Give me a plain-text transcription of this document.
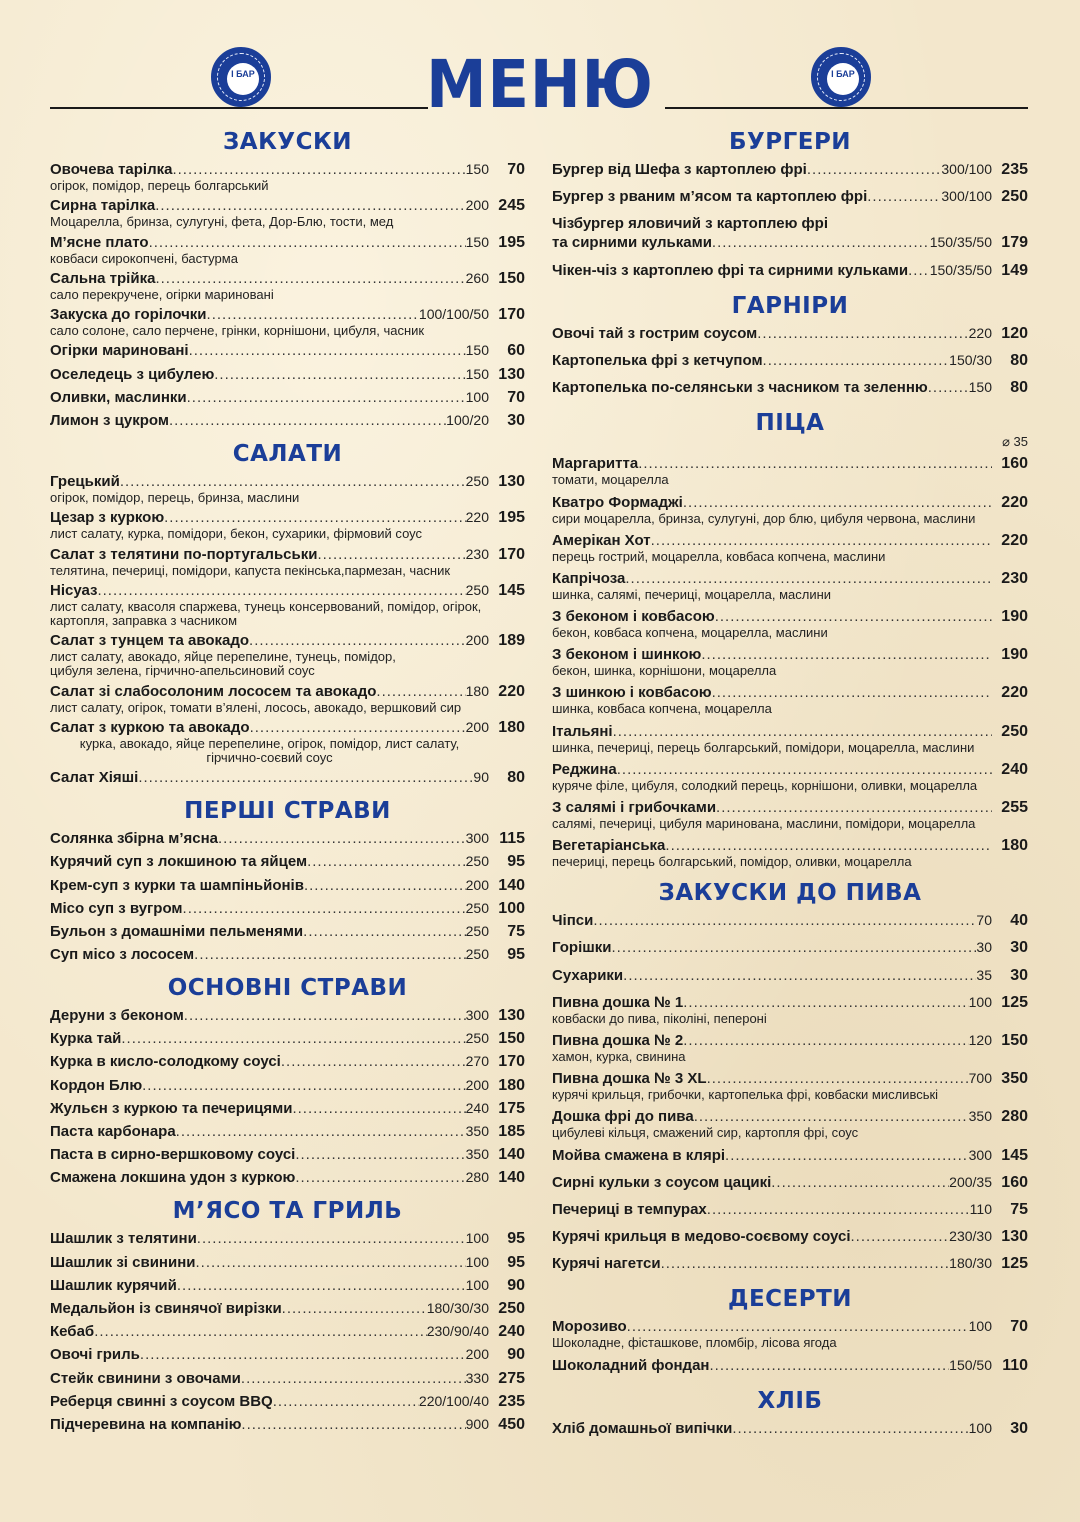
І БАР	І БАР
МЕНЮ
ЗАКУСКИ
Овочева тарілка .....	150	70
огірок, помідор, перець болгарський
Сирна тарілка .....	200 245
Моцарелла, бринза, сулугуні, фета, Дор-Блю, тости, мед
М’ясне плато .....	150 195
ковбаси сирокопчені, бастурма
Сальна трійка .....	260 150
сало перекручене, огірки мариновані
Закуска до горілочки .....	100/100/50 170
сало солоне, сало перчене, грінки, корнішони, цибуля, часник
Огірки мариновані .....	150	60
Оселедець з цибулею .....	150 130
Оливки, маслинки .....	100	70
Лимон з цукром .....	100/20	30
САЛАТИ
Грецький .....	250 130
огірок, помідор, перець, бринза, маслини
Цезар з куркою .....	220 195
лист салату, курка, помідори, бекон, сухарики, фірмовий соус
Салат з телятини по-португальськи .....	230 170
телятина, печериці, помідори, капуста пекінська,пармезан, часник
Нісуаз .....	250 145
лист салату, квасоля спаржева, тунець консервований, помідор, огірок,
картопля, заправка з часником
Салат з тунцем та авокадо .....	200 189
лист салату, авокадо, яйце перепелине, тунець, помідор,
цибуля зелена, гірчично-апельсиновий соус
Салат зі слабосолоним лососем та авокадо .....	180 220
лист салату, огірок, томати в’яленi, лосось, авокадо, вершковий сир
Салат з куркою та авокадо .....	200 180
курка, авокадо, яйце перепелине, огірок, помідор, лист салату,
гірчично-соєвий соус
Салат Хіяші .....	90	80
ПЕРШІ СТРАВИ
Солянка збірна м’ясна .....	300 115
Курячий суп з локшиною та яйцем .....	250	95
Крем-суп з курки та шампіньйонів .....	200 140
Місо суп з вугром .....	250 100
Бульон з домашніми пельменями .....	250	75
Суп місо з лососем .....	250	95
ОСНОВНІ СТРАВИ
Деруни з беконом .....	300 130
Курка тай .....	250 150
Курка в кисло-солодкому соусі .....	270 170
Кордон Блю .....	200 180
Жульєн з куркою та печерицями .....	240 175
Паста карбонара .....	350 185
Паста в сирно-вершковому соусі .....	350 140
Смажена локшина удон з куркою .....	280 140
М’ЯСО ТА ГРИЛЬ
Шашлик з телятини .....	100	95
Шашлик зі свинини .....	100	95
Шашлик курячий .....	100	90
Медальйон із свинячої вирізки .....	180/30/30 250
Кебаб .....	230/90/40 240
Овочі гриль .....	200	90
Стейк свинини з овочами .....	330 275
Реберця свинні з соусом BBQ .....	220/100/40 235
Підчеревина на компанію .....	900 450
БУРГЕРИ
Бургер від Шефа з картоплею фрі .....	300/100 235
Бургер з рваним м’ясом та картоплею фрі .....	300/100 250
Чізбургер яловичий з картоплею фрі
та сирними кульками .....	150/35/50 179
Чікен-чіз з картоплею фрі та сирними кульками ..... 150/35/50 149
ГАРНІРИ
Овочі тай з гострим соусом .....	220 120
Картопелька фрі з кетчупом .....	150/30	80
Картопелька по-селянськи з часником та зеленню .....	150	80
ПІЦА
⌀ 35
Маргаритта .....	160
томати, моцарелла
Кватро Формаджі .....	220
сири моцарелла, бринза, сулугуні, дор блю, цибуля червона, маслини
Амерікан Хот .....	220
перець гострий, моцарелла, ковбаса копчена, маслини
Капрічоза .....	230
шинка, салямі, печериці, моцарелла, маслини
З беконом і ковбасою .....	190
бекон, ковбаса копчена, моцарелла, маслини
З беконом і шинкою .....	190
бекон, шинка, корнішони, моцарелла
З шинкою і ковбасою .....	220
шинка, ковбаса копчена, моцарелла
Італьяні .....	250
шинка, печериці, перець болгарський, помідори, моцарелла, маслини
Реджина .....	240
куряче філе, цибуля, солодкий перець, корнішони, оливки, моцарелла
З салямі і грибочками .....	255
салямі, печериці, цибуля маринована, маслини, помідори, моцарелла
Вегетаріанська .....	180
печериці, перець болгарський, помідор, оливки, моцарелла
ЗАКУСКИ ДО ПИВА
Чіпси .....	70	40
Горішки .....	30	30
Сухарики .....	35	30
Пивна дошка № 1 .....	100 125
ковбаски до пива, піколіні, пепероні
Пивна дошка № 2 .....	120 150
хамон, курка, свинина
Пивна дошка № 3 XL .....	700 350
курячі крильця, грибочки, картопелька фрі, ковбаски мисливські
Дошка фрі до пива .....	350 280
цибулеві кільця, смажений сир, картопля фрі, соус
Мойва смажена в клярі .....	300 145
Сирні кульки з соусом цацикі .....	200/35 160
Печериці в темпурах .....	110	75
Курячі крильця в медово-соєвому соусі .....	230/30 130
Курячі нагетси .....	180/30 125
ДЕСЕРТИ
Морозиво .....	100	70
Шоколадне, фісташкове, пломбір, лісова ягода
Шоколадний фондан .....	150/50 110
ХЛІБ
Хліб домашньої випічки .....	100	30
